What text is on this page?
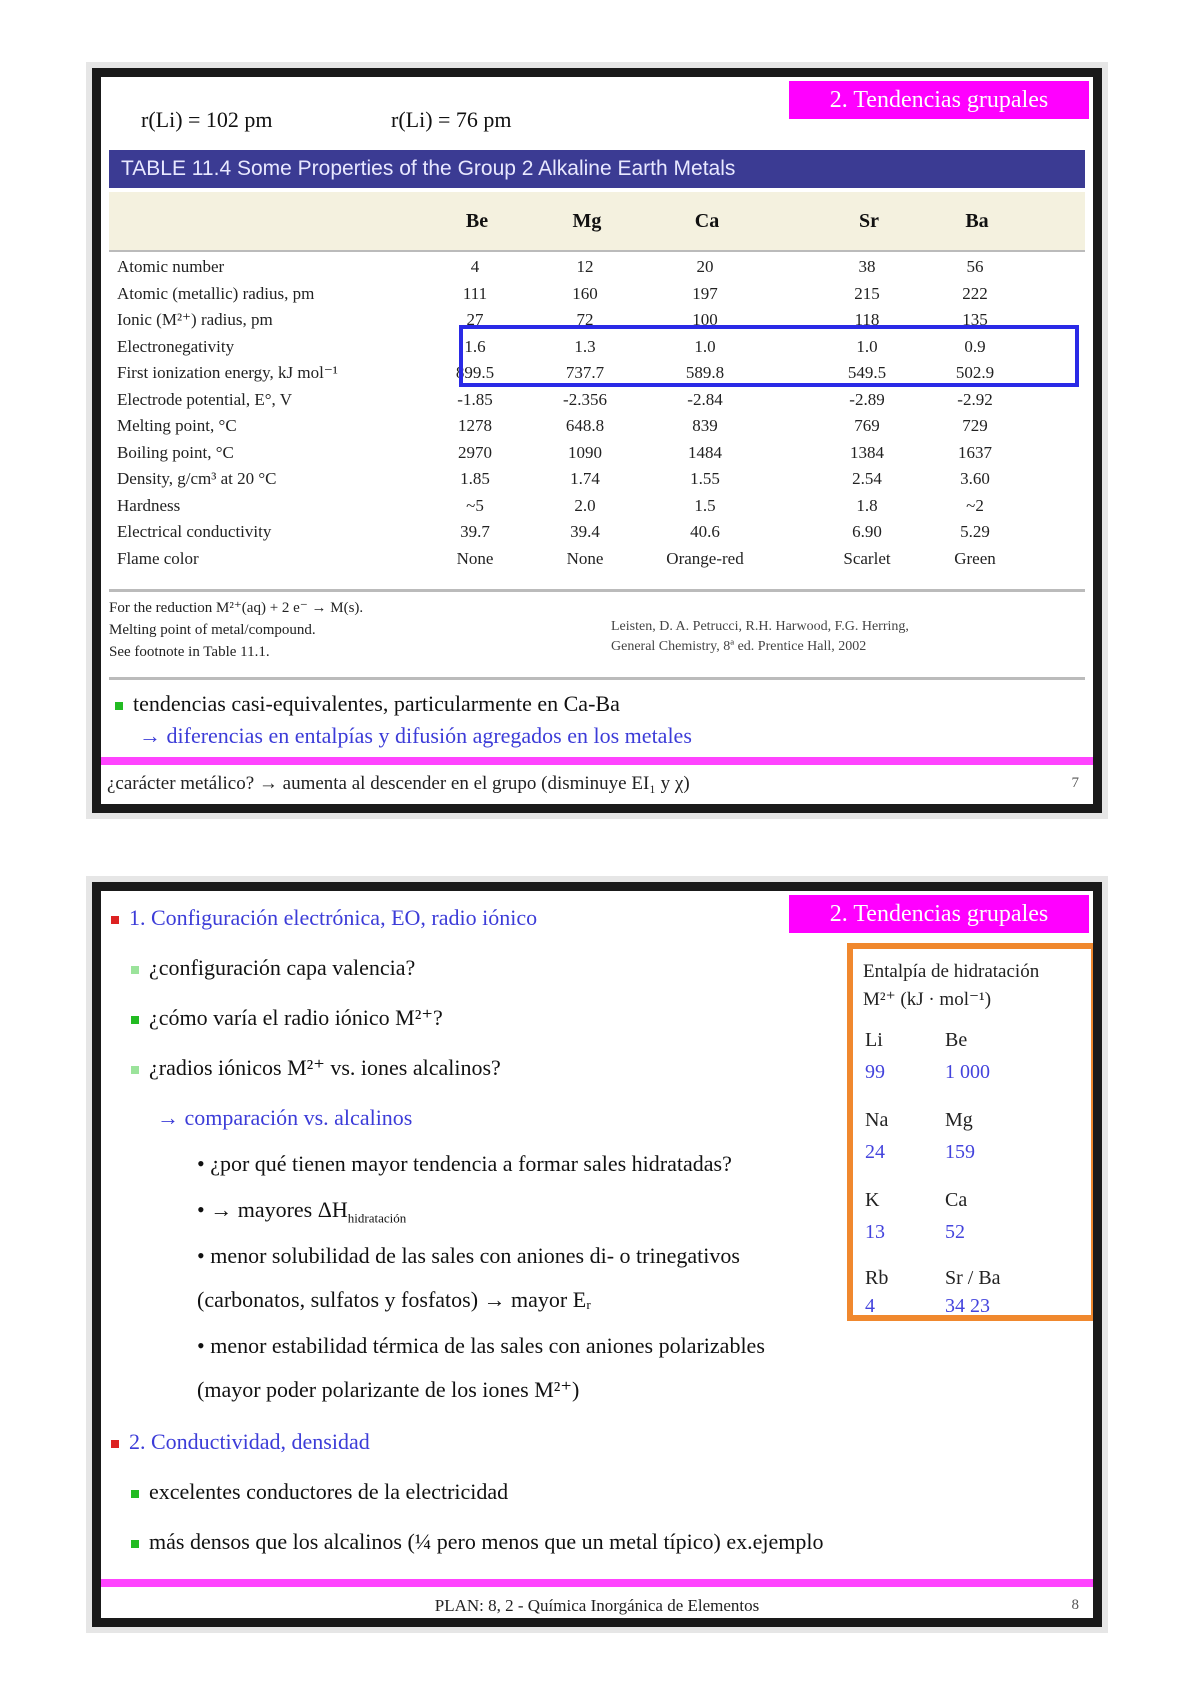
2. Tendencias grupales
r(Li) = 102 pm	r(Li) = 76 pm
TABLE 11.4 Some Properties of the Group 2 Alkaline Earth Metals
Be	Mg	Ca	Sr	Ba
Atomic number	4	12	20	38	56
Atomic (metallic) radius, pm	111	160	197	215	222
Ionic (M²⁺) radius, pm	27	72	100	118	135
Electronegativity	1.6	1.3	1.0	1.0	0.9
First ionization energy, kJ mol⁻¹	899.5	737.7	589.8	549.5	502.9
Electrode potential, E°, V	-1.85	-2.356	-2.84	-2.89	-2.92
Melting point, °C	1278	648.8	839	769	729
Boiling point, °C	2970	1090	1484	1384	1637
Density, g/cm³ at 20 °C	1.85	1.74	1.55	2.54	3.60
Hardness	~5	2.0	1.5	1.8	~2
Electrical conductivity	39.7	39.4	40.6	6.90	5.29
Flame color	None	None	Orange-red	Scarlet	Green
For the reduction M²⁺(aq) + 2 e⁻ → M(s).
Melting point of metal/compound.
See footnote in Table 11.1.
Leisten, D. A. Petrucci, R.H. Harwood, F.G. Herring,
General Chemistry, 8ª ed. Prentice Hall, 2002
tendencias casi-equivalentes, particularmente en Ca-Ba
→ diferencias en entalpías y difusión agregados en los metales
¿carácter metálico? → aumenta al descender en el grupo (disminuye EI₁ y χ)	7
2. Tendencias grupales
1. Configuración electrónica, EO, radio iónico
¿configuración capa valencia?
¿cómo varía el radio iónico M²⁺?
¿radios iónicos M²⁺ vs. iones alcalinos?
→ comparación vs. alcalinos
• ¿por qué tienen mayor tendencia a formar sales hidratadas?
• → mayores $\Delta H_{hidratación}$
• menor solubilidad de las sales con aniones di- o trinegativos
(carbonatos, sulfatos y fosfatos) → mayor Eᵣ
• menor estabilidad térmica de las sales con aniones polarizables
(mayor poder polarizante de los iones M²⁺)
2. Conductividad, densidad
excelentes conductores de la electricidad
más densos que los alcalinos (¼ pero menos que un metal típico) ex.ejemplo
Entalpía de hidratación
M²⁺ (kJ · mol⁻¹)
Li	Be
99	1 000
Na	Mg
24	159
K	Ca
13	52
Rb	Sr / Ba
4	34 23
PLAN: 8, 2 - Química Inorgánica de Elementos	8
